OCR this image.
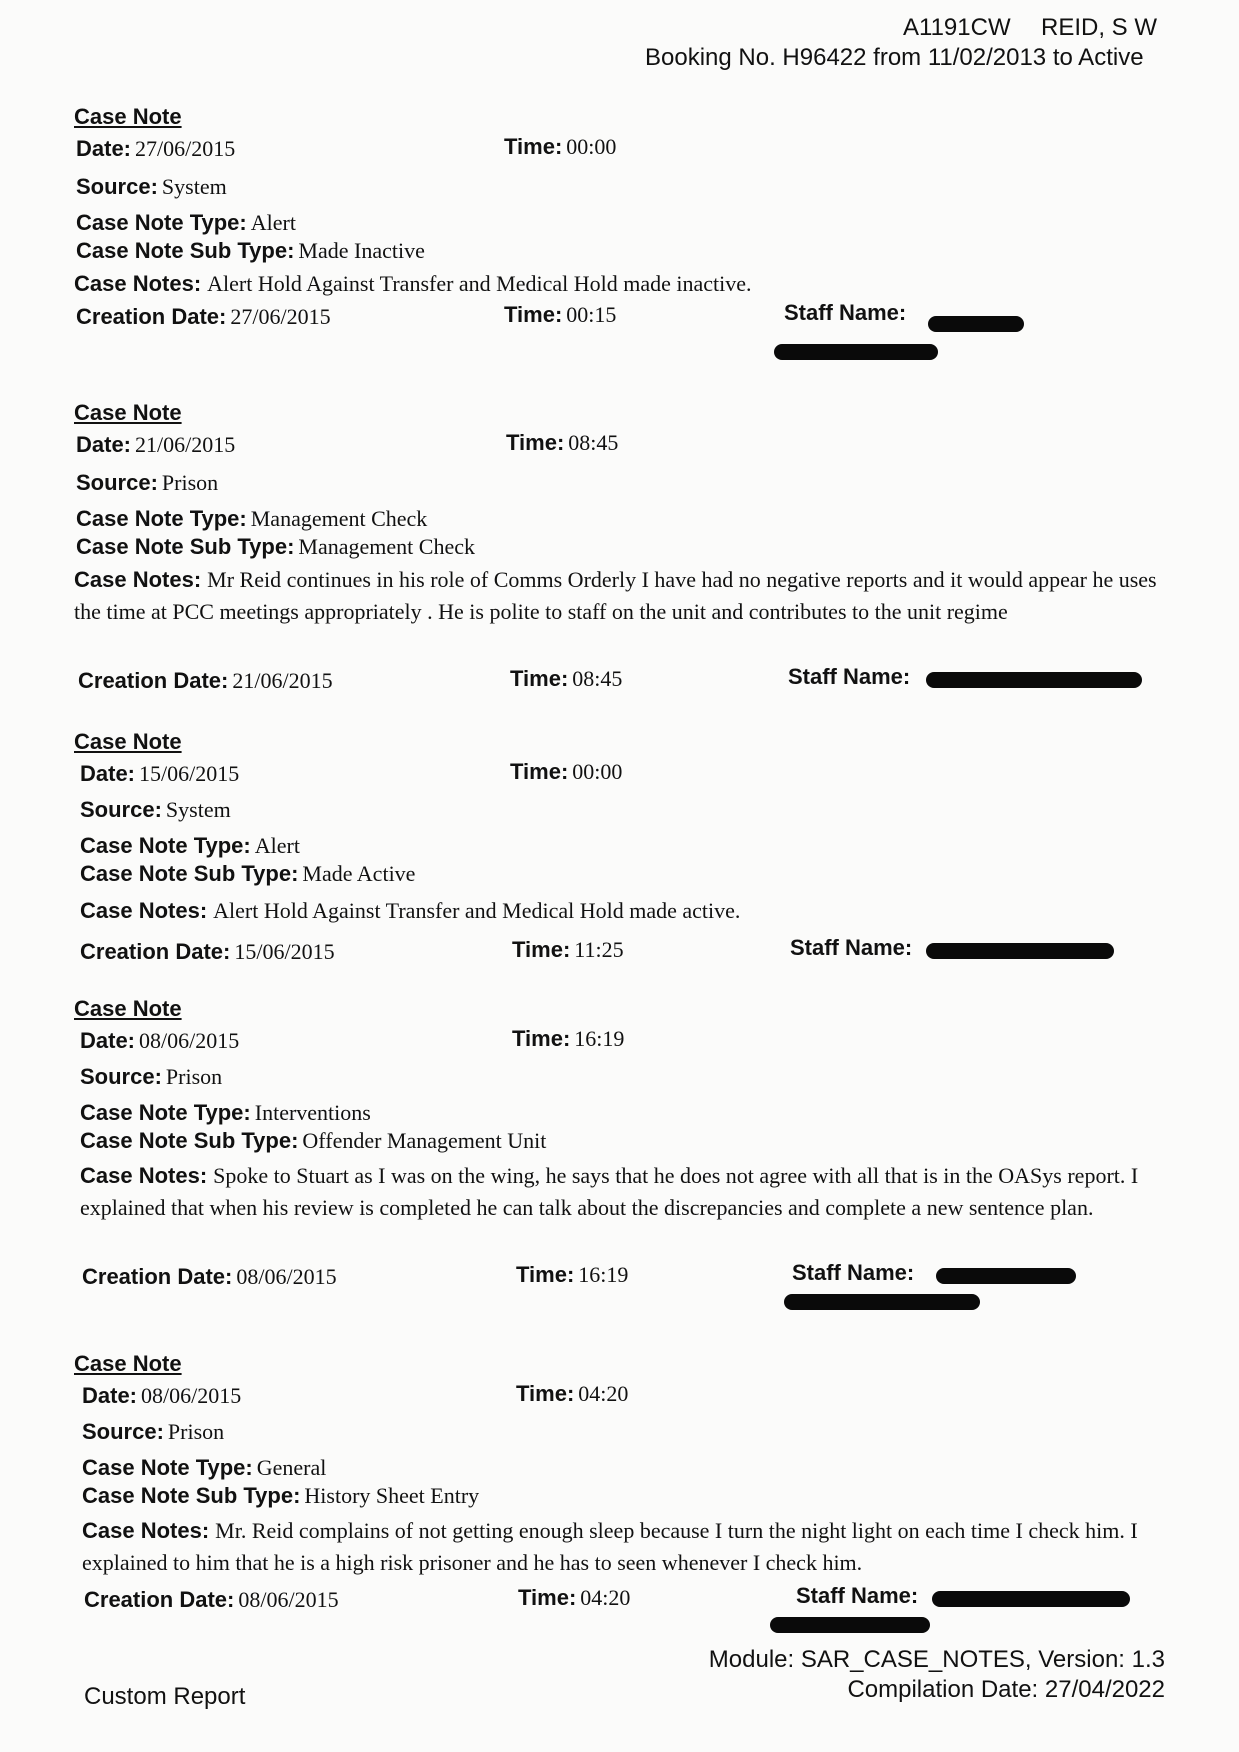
A1191CW REID, S W
Booking No. H96422 from 11/02/2013 to Active
Case Note
Date: 27/06/2015	Time: 00:00
Source: System
Case Note Type: Alert
Case Note Sub Type: Made Inactive
Case Notes: Alert Hold Against Transfer and Medical Hold made inactive.
Creation Date: 27/06/2015	Time: 00:15	Staff Name:
Case Note
Date: 21/06/2015	Time: 08:45
Source: Prison
Case Note Type: Management Check
Case Note Sub Type: Management Check
Case Notes: Mr Reid continues in his role of Comms Orderly I have had no negative reports and it would appear he uses the time at PCC meetings appropriately . He is polite to staff on the unit and contributes to the unit regime
Creation Date: 21/06/2015	Time: 08:45	Staff Name:
Case Note
Date: 15/06/2015	Time: 00:00
Source: System
Case Note Type: Alert
Case Note Sub Type: Made Active
Case Notes: Alert Hold Against Transfer and Medical Hold made active.
Creation Date: 15/06/2015	Time: 11:25	Staff Name:
Case Note
Date: 08/06/2015	Time: 16:19
Source: Prison
Case Note Type: Interventions
Case Note Sub Type: Offender Management Unit
Case Notes: Spoke to Stuart as I was on the wing, he says that he does not agree with all that is in the OASys report. I explained that when his review is completed he can talk about the discrepancies and complete a new sentence plan.
Creation Date: 08/06/2015	Time: 16:19	Staff Name:
Case Note
Date: 08/06/2015	Time: 04:20
Source: Prison
Case Note Type: General
Case Note Sub Type: History Sheet Entry
Case Notes: Mr. Reid complains of not getting enough sleep because I turn the night light on each time I check him. I explained to him that he is a high risk prisoner and he has to seen whenever I check him.
Creation Date: 08/06/2015	Time: 04:20	Staff Name:
Module: SAR_CASE_NOTES, Version: 1.3
Compilation Date: 27/04/2022
Custom Report
